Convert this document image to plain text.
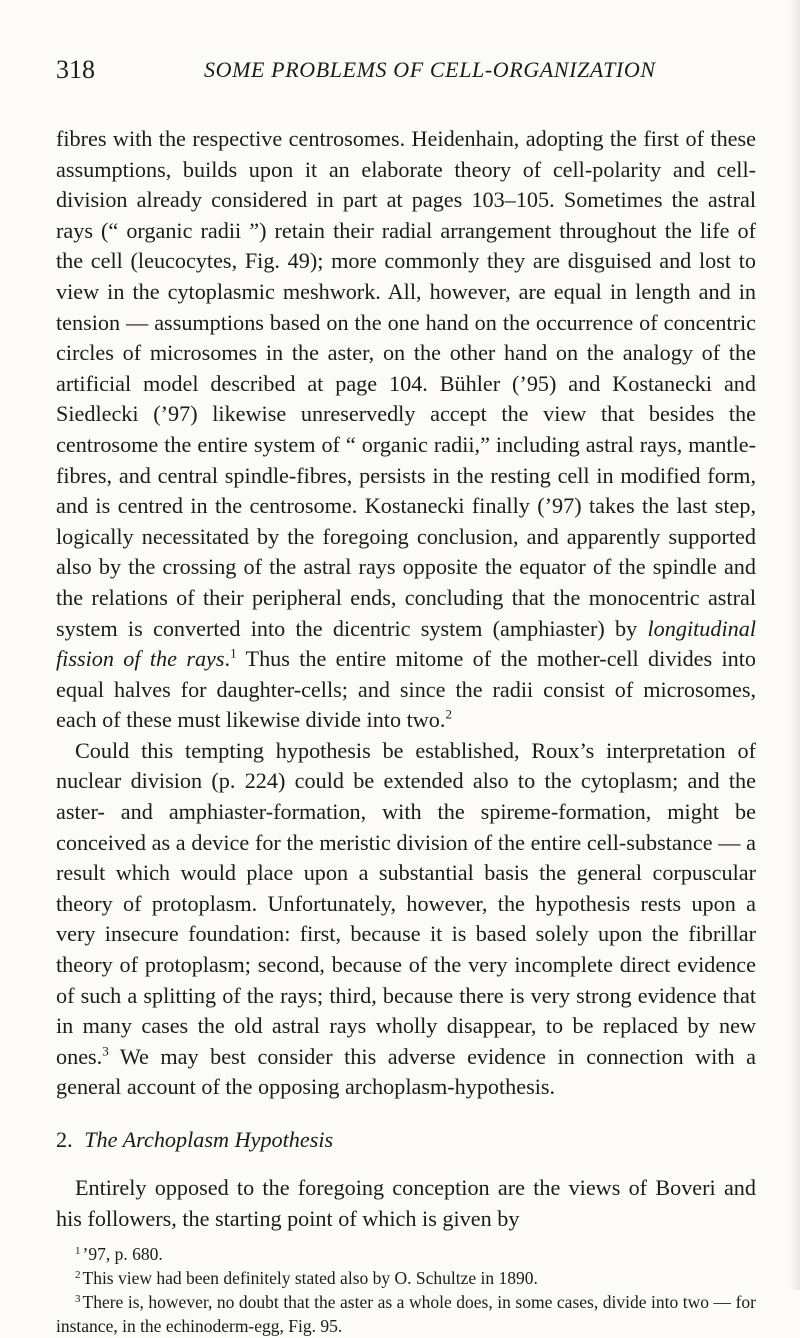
318	SOME PROBLEMS OF CELL-ORGANIZATION

fibres with the respective centrosomes. Heidenhain, adopting the first of these assumptions, builds upon it an elaborate theory of cell-polarity and cell-division already considered in part at pages 103–105. Sometimes the astral rays (“ organic radii ”) retain their radial arrangement throughout the life of the cell (leucocytes, Fig. 49); more commonly they are disguised and lost to view in the cytoplasmic meshwork. All, however, are equal in length and in tension — assumptions based on the one hand on the occurrence of concentric circles of microsomes in the aster, on the other hand on the analogy of the artificial model described at page 104. Bühler (’95) and Kostanecki and Siedlecki (’97) likewise unreservedly accept the view that besides the centrosome the entire system of “ organic radii,” including astral rays, mantle-fibres, and central spindle-fibres, persists in the resting cell in modified form, and is centred in the centrosome. Kostanecki finally (’97) takes the last step, logically necessitated by the foregoing conclusion, and apparently supported also by the crossing of the astral rays opposite the equator of the spindle and the relations of their peripheral ends, concluding that the monocentric astral system is converted into the dicentric system (amphiaster) by longitudinal fission of the rays.$^1$ Thus the entire mitome of the mother-cell divides into equal halves for daughter-cells; and since the radii consist of microsomes, each of these must likewise divide into two.$^2$

Could this tempting hypothesis be established, Roux’s interpretation of nuclear division (p. 224) could be extended also to the cytoplasm; and the aster- and amphiaster-formation, with the spireme-formation, might be conceived as a device for the meristic division of the entire cell-substance — a result which would place upon a substantial basis the general corpuscular theory of protoplasm. Unfortunately, however, the hypothesis rests upon a very insecure foundation: first, because it is based solely upon the fibrillar theory of protoplasm; second, because of the very incomplete direct evidence of such a splitting of the rays; third, because there is very strong evidence that in many cases the old astral rays wholly disappear, to be replaced by new ones.$^3$ We may best consider this adverse evidence in connection with a general account of the opposing archoplasm-hypothesis.

2. The Archoplasm Hypothesis

Entirely opposed to the foregoing conception are the views of Boveri and his followers, the starting point of which is given by

$^1$ ’97, p. 680.

$^2$ This view had been definitely stated also by O. Schultze in 1890.

$^3$ There is, however, no doubt that the aster as a whole does, in some cases, divide into two — for instance, in the echinoderm-egg, Fig. 95.
